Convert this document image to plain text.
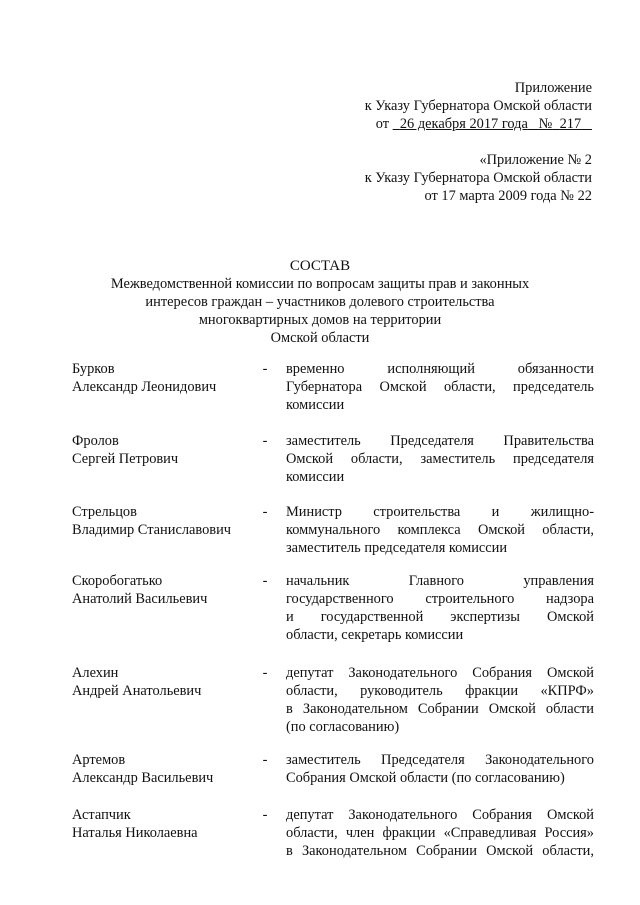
Приложение
к Указу Губернатора Омской области
от 26 декабря 2017 года № 217
«Приложение № 2
к Указу Губернатора Омской области
от 17 марта 2009 года № 22
СОСТАВ
Межведомственной комиссии по вопросам защиты прав и законных
интересов граждан – участников долевого строительства
многоквартирных домов на территории
Омской области
Бурков
Александр Леонидович
- временно исполняющий обязанности
Губернатора Омской области, председатель
комиссии
Фролов
Сергей Петрович
- заместитель Председателя Правительства
Омской области, заместитель председателя
комиссии
Стрельцов
Владимир Станиславович
- Министр строительства и жилищно-
коммунального комплекса Омской области,
заместитель председателя комиссии
Скоробогатько
Анатолий Васильевич
- начальник Главного управления
государственного строительного надзора
и государственной экспертизы Омской
области, секретарь комиссии
Алехин
Андрей Анатольевич
- депутат Законодательного Собрания Омской
области, руководитель фракции «КПРФ»
в Законодательном Собрании Омской области
(по согласованию)
Артемов
Александр Васильевич
- заместитель Председателя Законодательного
Собрания Омской области (по согласованию)
Астапчик
Наталья Николаевна
- депутат Законодательного Собрания Омской
области, член фракции «Справедливая Россия»
в Законодательном Собрании Омской области,
